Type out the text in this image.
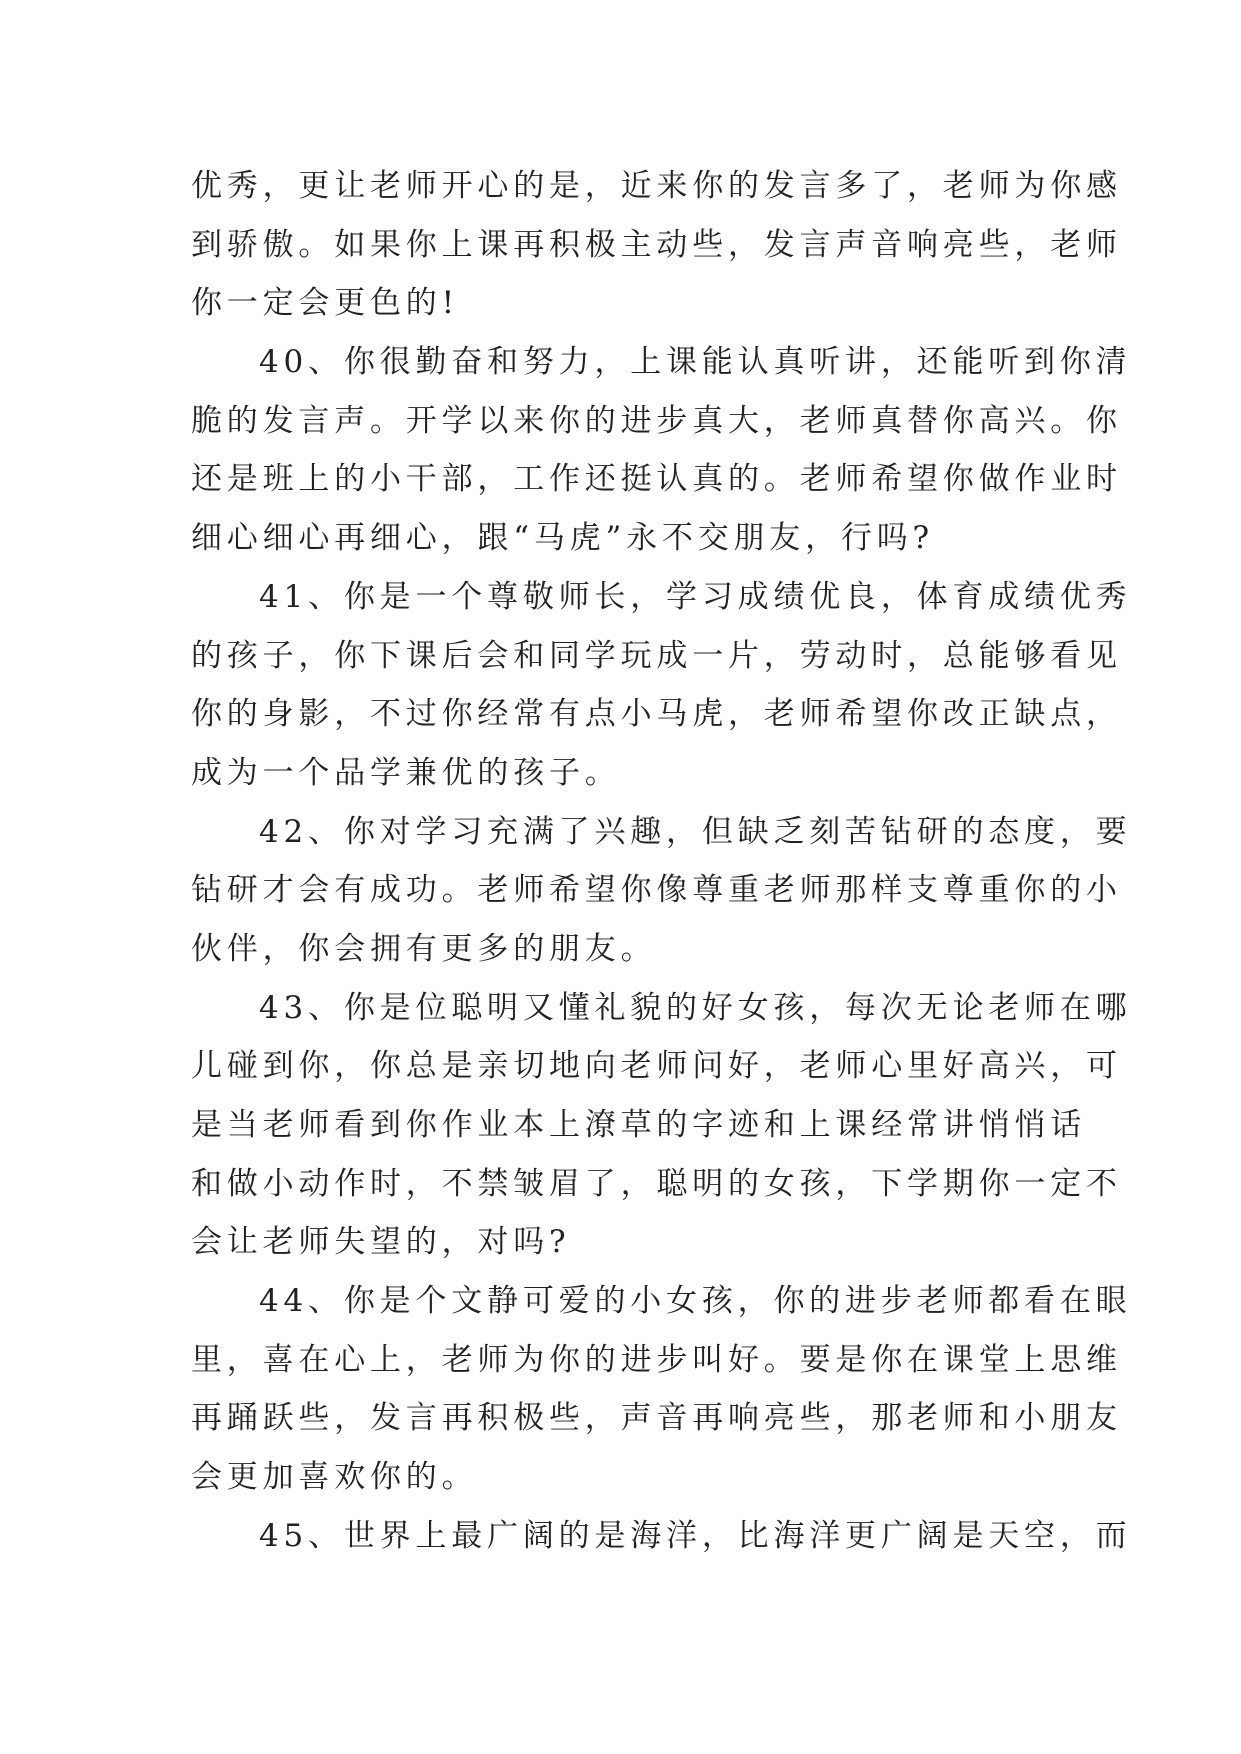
优秀，更让老师开心的是，近来你的发言多了，老师为你感
到骄傲。如果你上课再积极主动些，发言声音响亮些，老师
你一定会更色的!
40、你很勤奋和努力，上课能认真听讲，还能听到你清
脆的发言声。开学以来你的进步真大，老师真替你高兴。你
还是班上的小干部，工作还挺认真的。老师希望你做作业时
细心细心再细心，跟“马虎”永不交朋友，行吗?
41、你是一个尊敬师长，学习成绩优良，体育成绩优秀
的孩子，你下课后会和同学玩成一片，劳动时，总能够看见
你的身影，不过你经常有点小马虎，老师希望你改正缺点，
成为一个品学兼优的孩子。
42、你对学习充满了兴趣，但缺乏刻苦钻研的态度，要
钻研才会有成功。老师希望你像尊重老师那样支尊重你的小
伙伴，你会拥有更多的朋友。
43、你是位聪明又懂礼貌的好女孩，每次无论老师在哪
儿碰到你，你总是亲切地向老师问好，老师心里好高兴，可
是当老师看到你作业本上潦草的字迹和上课经常讲悄悄话
和做小动作时，不禁皱眉了，聪明的女孩，下学期你一定不
会让老师失望的，对吗?
44、你是个文静可爱的小女孩，你的进步老师都看在眼
里，喜在心上，老师为你的进步叫好。要是你在课堂上思维
再踊跃些，发言再积极些，声音再响亮些，那老师和小朋友
会更加喜欢你的。
45、世界上最广阔的是海洋，比海洋更广阔是天空，而
